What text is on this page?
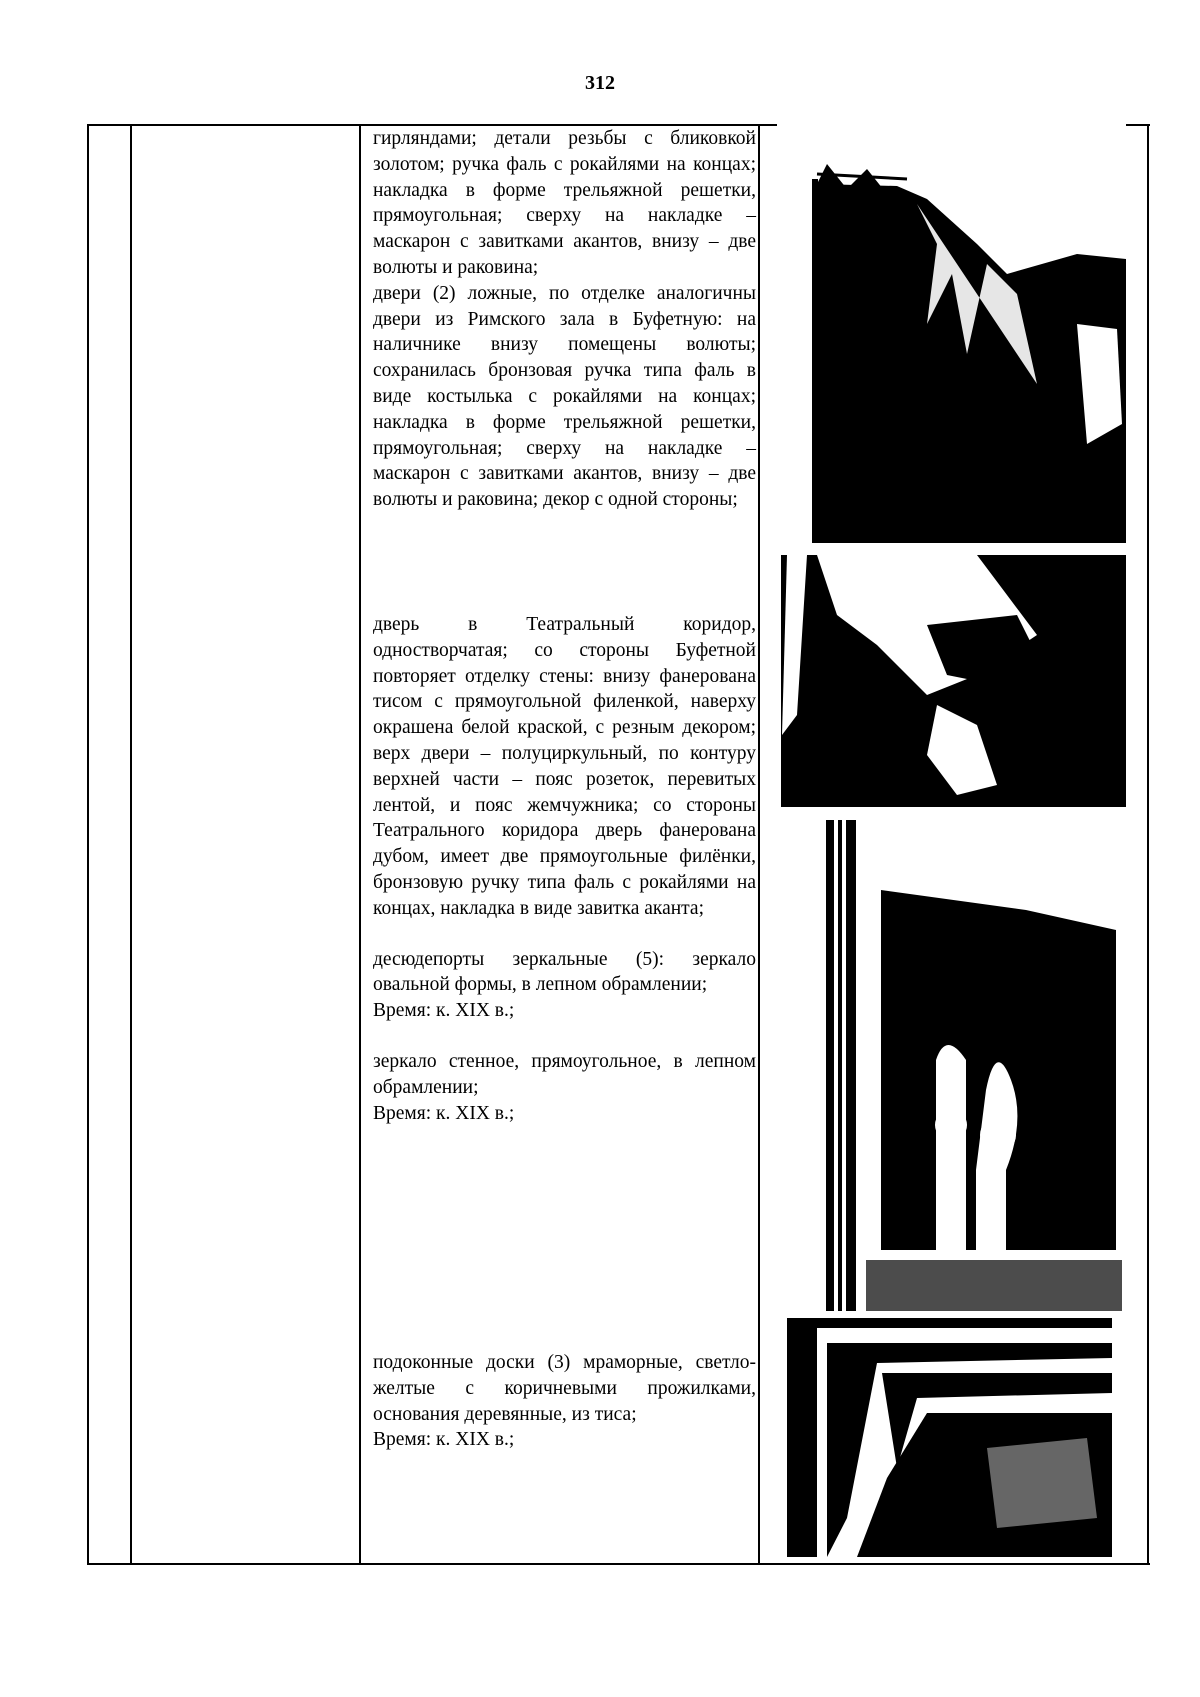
312

гирляндами; детали резьбы с бликовкой золотом; ручка фаль с рокайлями на концах; накладка в форме трельяжной решетки, прямоугольная; сверху на накладке – маскарон с завитками акантов, внизу – две волюты и раковина;

двери (2) ложные, по отделке аналогичны двери из Римского зала в Буфетную: на наличнике внизу помещены волюты; сохранилась бронзовая ручка типа фаль в виде костылька с рокайлями на концах; накладка в форме трельяжной решетки, прямоугольная; сверху на накладке – маскарон с завитками акантов, внизу – две волюты и раковина; декор с одной стороны;

дверь в Театральный коридор, одностворчатая; со стороны Буфетной повторяет отделку стены: внизу фанерована тисом с прямоугольной филенкой, наверху окрашена белой краской, с резным декором; верх двери – полуциркульный, по контуру верхней части – пояс розеток, перевитых лентой, и пояс жемчужника; со стороны Театрального коридора дверь фанерована дубом, имеет две прямоугольные филёнки, бронзовую ручку типа фаль с рокайлями на концах, накладка в виде завитка аканта;

десюдепорты зеркальные (5): зеркало овальной формы, в лепном обрамлении;

Время: к. XIX в.;

зеркало стенное, прямоугольное, в лепном обрамлении;

Время: к. XIX в.;

подоконные доски (3) мраморные, светло-желтые с коричневыми прожилками, основания деревянные, из тиса;

Время: к. XIX в.;
